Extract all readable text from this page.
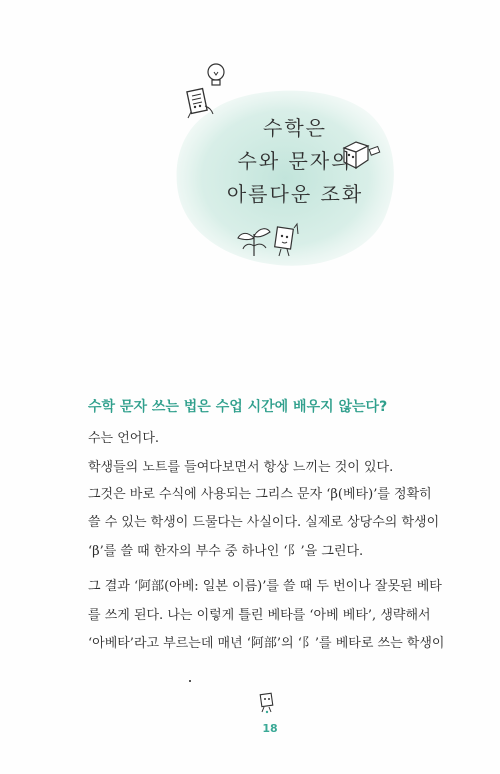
수학은
수와 문자의
아름다운 조화
수학 문자 쓰는 법은 수업 시간에 배우지 않는다?
수는 언어다.
학생들의 노트를 들여다보면서 항상 느끼는 것이 있다.
그것은 바로 수식에 사용되는 그리스 문자 ‘β(베타)’를 정확히
쓸 수 있는 학생이 드물다는 사실이다. 실제로 상당수의 학생이
‘β’를 쓸 때 한자의 부수 중 하나인 ‘阝’을 그린다.
그 결과 ‘阿部(아베: 일본 이름)’를 쓸 때 두 번이나 잘못된 베타
를 쓰게 된다. 나는 이렇게 틀린 베타를 ‘아베 베타’, 생략해서
‘아베타’라고 부르는데 매년 ‘阿部’의 ‘阝’를 베타로 쓰는 학생이
18
